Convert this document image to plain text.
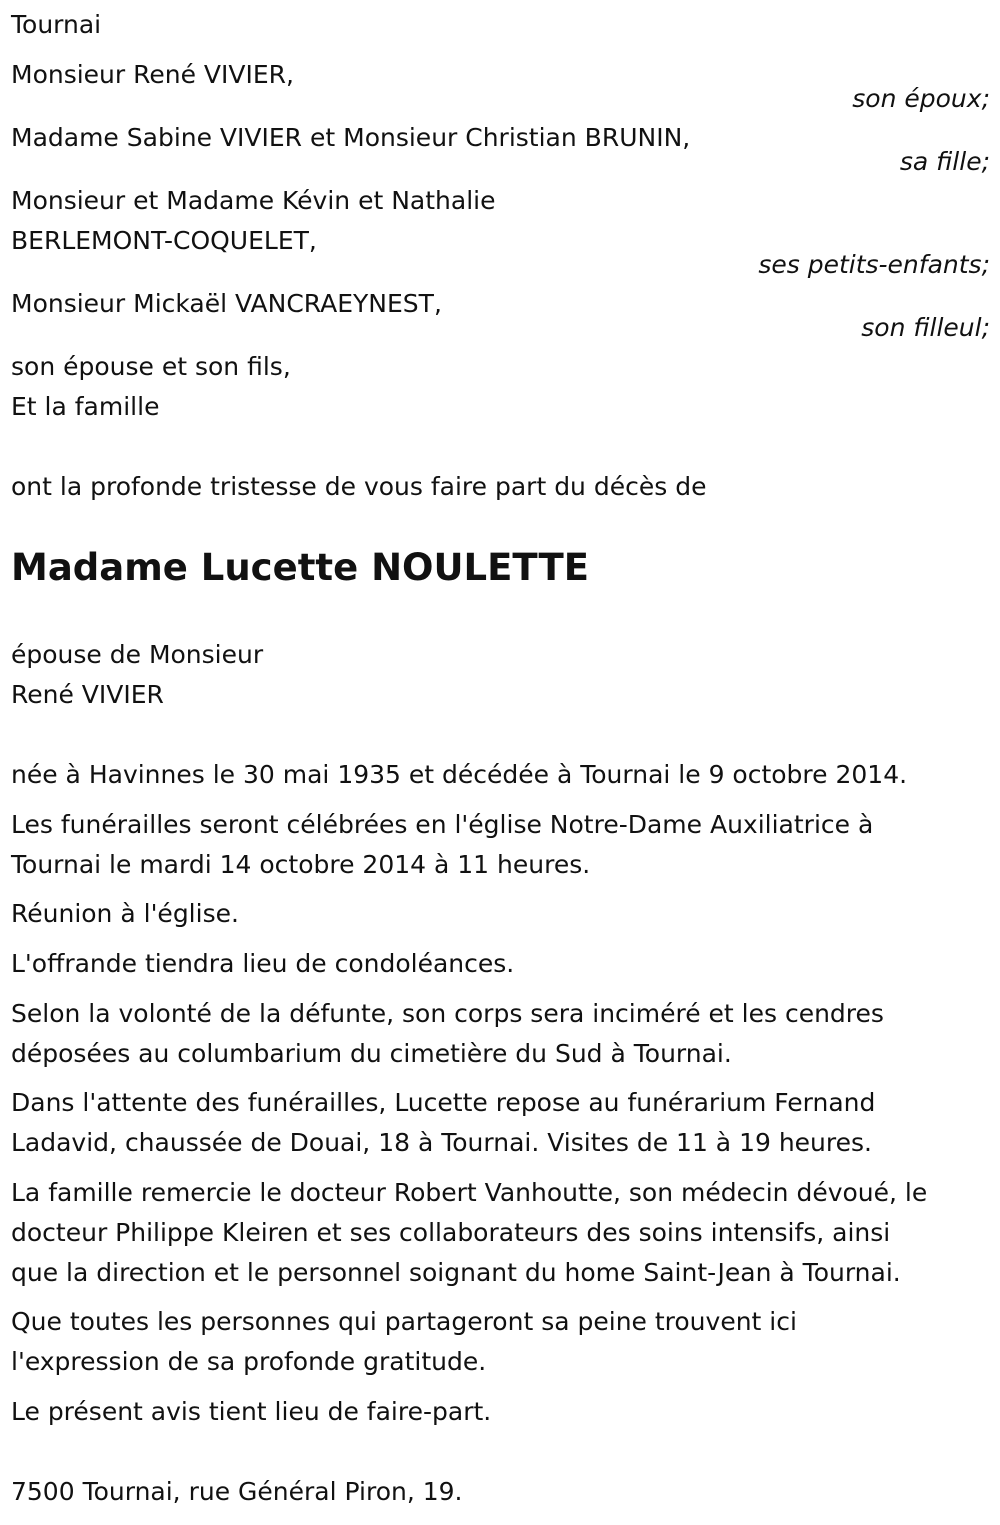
Tournai
Monsieur René VIVIER,
son époux;
Madame Sabine VIVIER et Monsieur Christian BRUNIN,
sa fille;
Monsieur et Madame Kévin et Nathalie
BERLEMONT-COQUELET,
ses petits-enfants;
Monsieur Mickaël VANCRAEYNEST,
son filleul;
son épouse et son fils,
Et la famille
ont la profonde tristesse de vous faire part du décès de
Madame Lucette NOULETTE
épouse de Monsieur
René VIVIER
née à Havinnes le 30 mai 1935 et décédée à Tournai le 9 octobre 2014.
Les funérailles seront célébrées en l'église Notre-Dame Auxiliatrice à
Tournai le mardi 14 octobre 2014 à 11 heures.
Réunion à l'église.
L'offrande tiendra lieu de condoléances.
Selon la volonté de la défunte, son corps sera inciméré et les cendres
déposées au columbarium du cimetière du Sud à Tournai.
Dans l'attente des funérailles, Lucette repose au funérarium Fernand
Ladavid, chaussée de Douai, 18 à Tournai. Visites de 11 à 19 heures.
La famille remercie le docteur Robert Vanhoutte, son médecin dévoué, le
docteur Philippe Kleiren et ses collaborateurs des soins intensifs, ainsi
que la direction et le personnel soignant du home Saint-Jean à Tournai.
Que toutes les personnes qui partageront sa peine trouvent ici
l'expression de sa profonde gratitude.
Le présent avis tient lieu de faire-part.
7500 Tournai, rue Général Piron, 19.
